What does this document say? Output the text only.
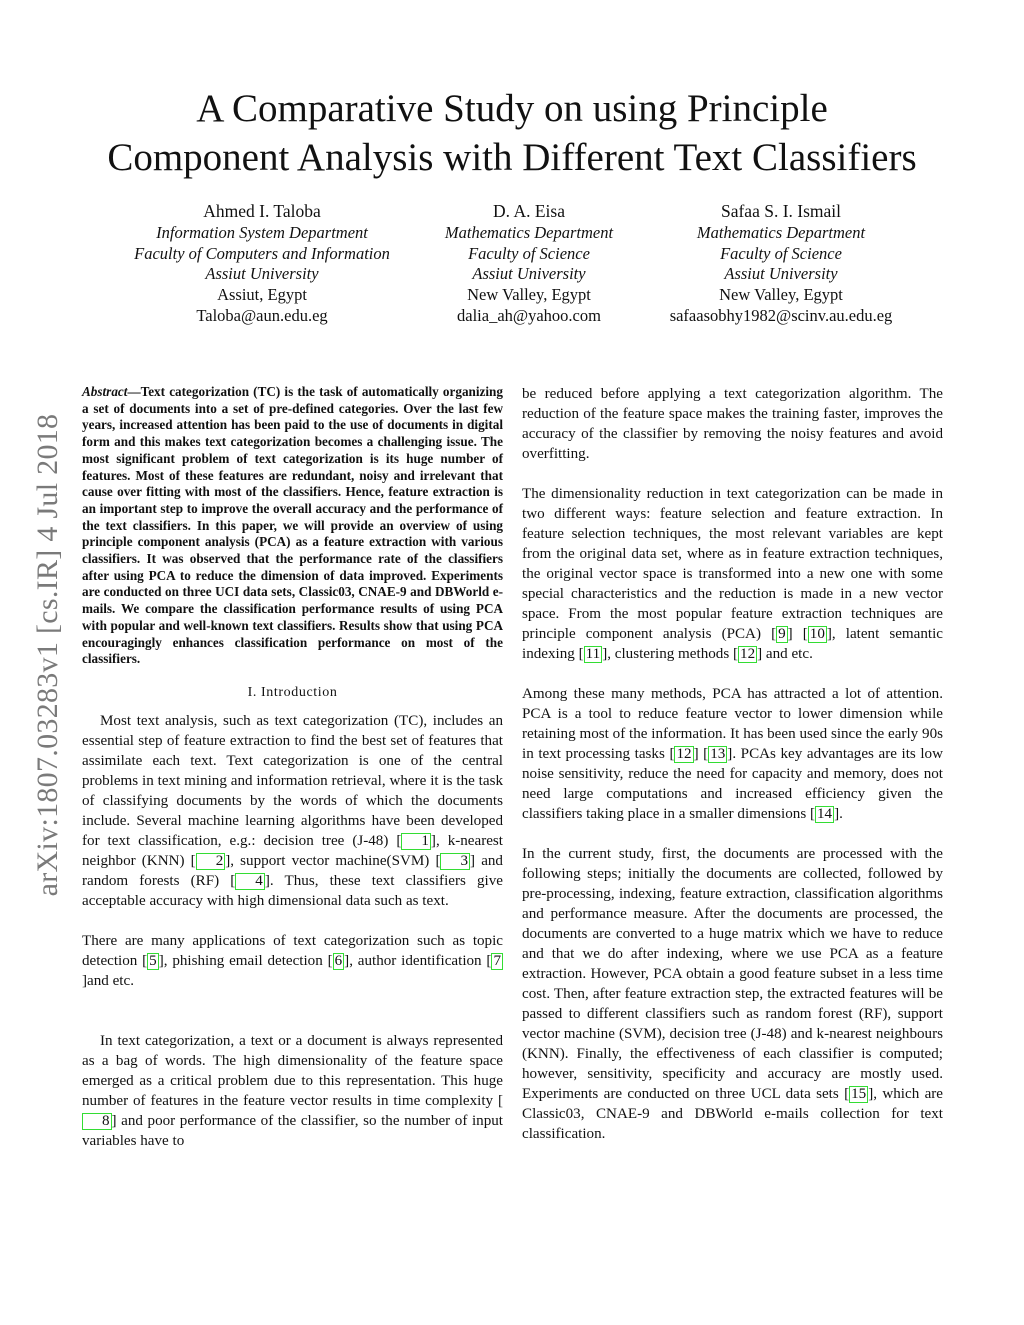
A Comparative Study on using Principle
Component Analysis with Different Text Classifiers
Ahmed I. Taloba
Information System Department
Faculty of Computers and Information
Assiut University
Assiut, Egypt
Taloba@aun.edu.eg
D. A. Eisa
Mathematics Department
Faculty of Science
Assiut University
New Valley, Egypt
dalia_ah@yahoo.com
Safaa S. I. Ismail
Mathematics Department
Faculty of Science
Assiut University
New Valley, Egypt
safaasobhy1982@scinv.au.edu.eg
arXiv:1807.03283v1 [cs.IR] 4 Jul 2018

Abstract—Text categorization (TC) is the task of automatically organizing a set of documents into a set of pre-defined categories. Over the last few years, increased attention has been paid to the use of documents in digital form and this makes text categorization becomes a challenging issue. The most significant problem of text categorization is its huge number of features. Most of these features are redundant, noisy and irrelevant that cause over fitting with most of the classifiers. Hence, feature extraction is an important step to improve the overall accuracy and the performance of the text classifiers. In this paper, we will provide an overview of using principle component analysis (PCA) as a feature extraction with various classifiers. It was observed that the performance rate of the classifiers after using PCA to reduce the dimension of data improved. Experiments are conducted on three UCI data sets, Classic03, CNAE-9 and DBWorld e-mails. We compare the classification performance results of using PCA with popular and well-known text classifiers. Results show that using PCA encouragingly enhances classification performance on most of the classifiers.

I. Introduction

Most text analysis, such as text categorization (TC), includes an essential step of feature extraction to find the best set of features that assimilate each text. Text categorization is one of the central problems in text mining and information retrieval, where it is the task of classifying documents by the words of which the documents include. Several machine learning algorithms have been developed for text classification, e.g.: decision tree (J-48) [ 1 ], k-nearest neighbor (KNN) [ 2 ], support vector machine(SVM) [ 3 ] and random forests (RF) [ 4 ]. Thus, these text classifiers give acceptable accuracy with high dimensional data such as text.

There are many applications of text categorization such as topic detection [ 5 ], phishing email detection [ 6 ], author identification [ 7]and etc.

In text categorization, a text or a document is always represented as a bag of words. The high dimensionality of the feature space emerged as a critical problem due to this representation. This huge number of features in the feature vector results in time complexity [8 ] and poor performance of the classifier, so the number of input variables have to

be reduced before applying a text categorization algorithm. The reduction of the feature space makes the training faster, improves the accuracy of the classifier by removing the noisy features and avoid overfitting.

The dimensionality reduction in text categorization can be made in two different ways: feature selection and feature extraction. In feature selection techniques, the most relevant variables are kept from the original data set, where as in feature extraction techniques, the original vector space is transformed into a new one with some special characteristics and the reduction is made in a new vector space. From the most popular feature extraction techniques are principle component analysis (PCA) [ 9 ] [ 10 ], latent semantic indexing [ 11 ], clustering methods [ 12 ] and etc.

Among these many methods, PCA has attracted a lot of attention. PCA is a tool to reduce feature vector to lower dimension while retaining most of the information. It has been used since the early 90s in text processing tasks [ 12 ] [ 13 ]. PCAs key advantages are its low noise sensitivity, reduce the need for capacity and memory, does not need large computations and increased efficiency given the classifiers taking place in a smaller dimensions [ 14 ].

In the current study, first, the documents are processed with the following steps; initially the documents are collected, followed by pre-processing, indexing, feature extraction, classification algorithms and performance measure. After the documents are processed, the documents are converted to a huge matrix which we have to reduce and that we do after indexing, where we use PCA as a feature extraction. However, PCA obtain a good feature subset in a less time cost. Then, after feature extraction step, the extracted features will be passed to different classifiers such as random forest (RF), support vector machine (SVM), decision tree (J-48) and k-nearest neighbours (KNN). Finally, the effectiveness of each classifier is computed; however, sensitivity, specificity and accuracy are mostly used. Experiments are conducted on three UCL data sets [ 15 ], which are Classic03, CNAE-9 and DBWorld e-mails collection for text classification.
